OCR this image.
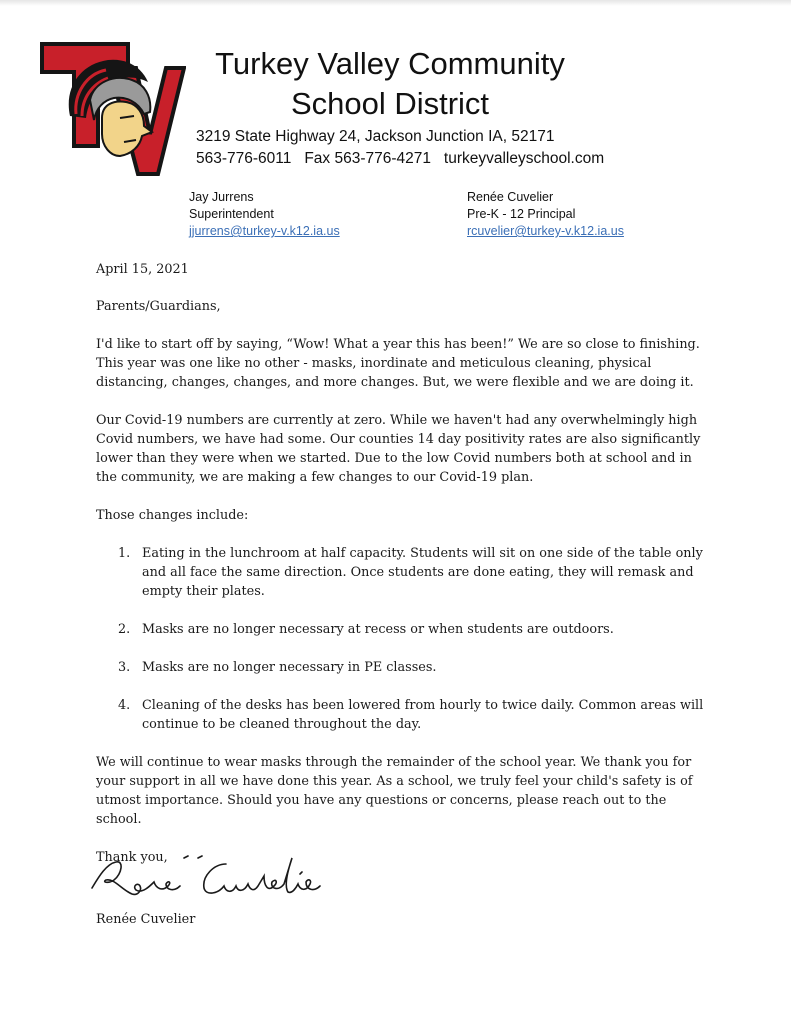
Turkey Valley Community
School District
3219 State Highway 24, Jackson Junction IA, 52171
563-776-6011 Fax 563-776-4271 turkeyvalleyschool.com
Jay Jurrens
Superintendent
jjurrens@turkey-v.k12.ia.us
Renée Cuvelier
Pre-K - 12 Principal
rcuvelier@turkey-v.k12.ia.us

April 15, 2021

Parents/Guardians,

I'd like to start off by saying, “Wow! What a year this has been!” We are so close to finishing. This year was one like no other - masks, inordinate and meticulous cleaning, physical distancing, changes, changes, and more changes. But, we were flexible and we are doing it.

Our Covid-19 numbers are currently at zero. While we haven't had any overwhelmingly high Covid numbers, we have had some. Our counties 14 day positivity rates are also significantly lower than they were when we started. Due to the low Covid numbers both at school and in the community, we are making a few changes to our Covid-19 plan.

Those changes include:

1. Eating in the lunchroom at half capacity. Students will sit on one side of the table only and all face the same direction. Once students are done eating, they will remask and empty their plates.
2. Masks are no longer necessary at recess or when students are outdoors.
3. Masks are no longer necessary in PE classes.
4. Cleaning of the desks has been lowered from hourly to twice daily. Common areas will continue to be cleaned throughout the day.

We will continue to wear masks through the remainder of the school year. We thank you for your support in all we have done this year. As a school, we truly feel your child's safety is of utmost importance. Should you have any questions or concerns, please reach out to the school.

Thank you,

Renée Cuvelier
